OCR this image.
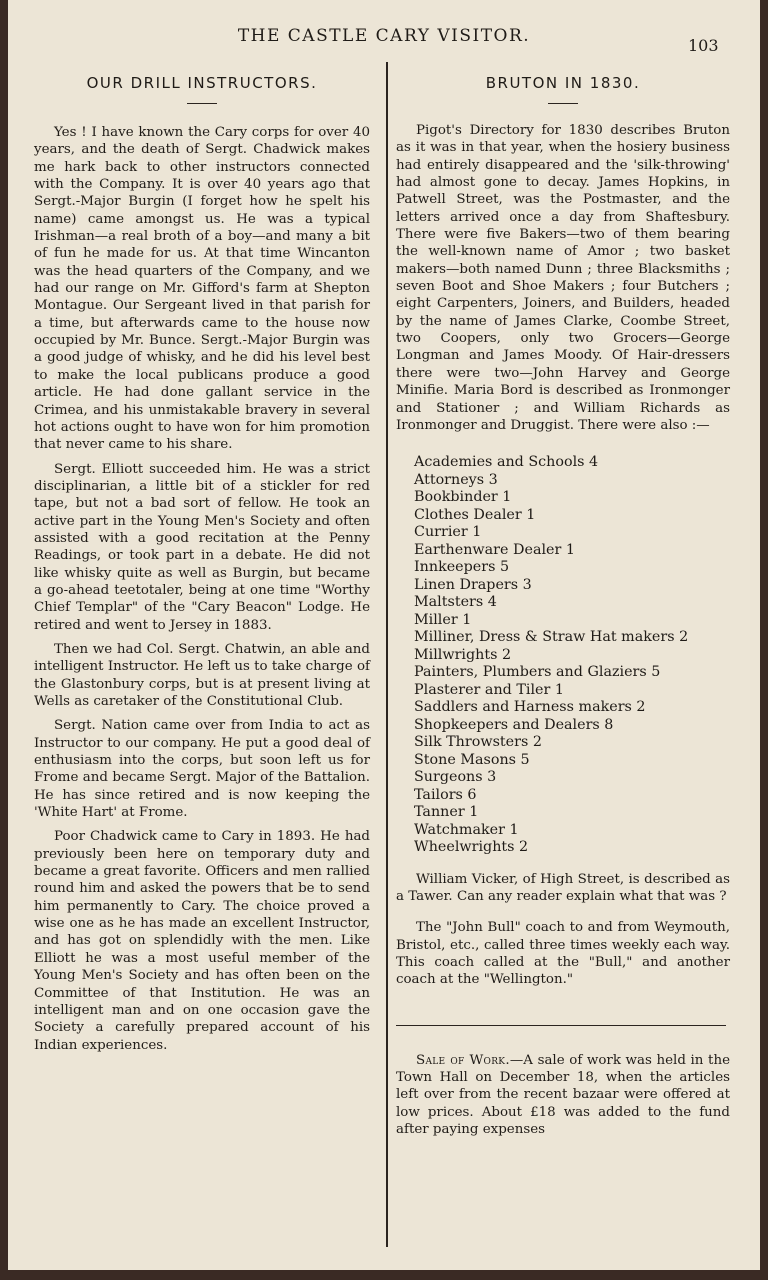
THE CASTLE CARY VISITOR.	103
OUR DRILL INSTRUCTORS.

Yes ! I have known the Cary corps for over 40 years, and the death of Sergt. Chadwick makes me hark back to other instructors connected with the Company. It is over 40 years ago that Sergt.-Major Burgin (I forget how he spelt his name) came amongst us. He was a typical Irishman—a real broth of a boy—and many a bit of fun he made for us. At that time Wincanton was the head quarters of the Company, and we had our range on Mr. Gifford's farm at Shepton Montague. Our Sergeant lived in that parish for a time, but afterwards came to the house now occupied by Mr. Bunce. Sergt.-Major Burgin was a good judge of whisky, and he did his level best to make the local publicans produce a good article. He had done gallant service in the Crimea, and his unmistakable bravery in several hot actions ought to have won for him promotion that never came to his share.

Sergt. Elliott succeeded him. He was a strict disciplinarian, a little bit of a stickler for red tape, but not a bad sort of fellow. He took an active part in the Young Men's Society and often assisted with a good recitation at the Penny Readings, or took part in a debate. He did not like whisky quite as well as Burgin, but became a go-ahead teetotaler, being at one time "Worthy Chief Templar" of the "Cary Beacon" Lodge. He retired and went to Jersey in 1883.

Then we had Col. Sergt. Chatwin, an able and intelligent Instructor. He left us to take charge of the Glastonbury corps, but is at present living at Wells as caretaker of the Constitutional Club.

Sergt. Nation came over from India to act as Instructor to our company. He put a good deal of enthusiasm into the corps, but soon left us for Frome and became Sergt. Major of the Battalion. He has since retired and is now keeping the 'White Hart' at Frome.

Poor Chadwick came to Cary in 1893. He had previously been here on temporary duty and became a great favorite. Officers and men rallied round him and asked the powers that be to send him permanently to Cary. The choice proved a wise one as he has made an excellent Instructor, and has got on splendidly with the men. Like Elliott he was a most useful member of the Young Men's Society and has often been on the Committee of that Institution. He was an intelligent man and on one occasion gave the Society a carefully prepared account of his Indian experiences.

BRUTON IN 1830.

Pigot's Directory for 1830 describes Bruton as it was in that year, when the hosiery business had entirely disappeared and the 'silk-throwing' had almost gone to decay. James Hopkins, in Patwell Street, was the Postmaster, and the letters arrived once a day from Shaftesbury. There were five Bakers—two of them bearing the well-known name of Amor ; two basket makers—both named Dunn ; three Blacksmiths ; seven Boot and Shoe Makers ; four Butchers ; eight Carpenters, Joiners, and Builders, headed by the name of James Clarke, Coombe Street, two Coopers, only two Grocers—George Longman and James Moody. Of Hair-dressers there were two—John Harvey and George Minifie. Maria Bord is described as Ironmonger and Stationer ; and William Richards as Ironmonger and Druggist. There were also :—

Academies and Schools 4
Attorneys 3
Bookbinder 1
Clothes Dealer 1
Currier 1
Earthenware Dealer 1
Innkeepers 5
Linen Drapers 3
Maltsters 4
Miller 1
Milliner, Dress & Straw Hat makers 2
Millwrights 2
Painters, Plumbers and Glaziers 5
Plasterer and Tiler 1
Saddlers and Harness makers 2
Shopkeepers and Dealers 8
Silk Throwsters 2
Stone Masons 5
Surgeons 3
Tailors 6
Tanner 1
Watchmaker 1
Wheelwrights 2

William Vicker, of High Street, is described as a Tawer. Can any reader explain what that was ?

The "John Bull" coach to and from Weymouth, Bristol, etc., called three times weekly each way. This coach called at the "Bull," and another coach at the "Wellington."

Sale of Work.—A sale of work was held in the Town Hall on December 18, when the articles left over from the recent bazaar were offered at low prices. About £18 was added to the fund after paying expenses
